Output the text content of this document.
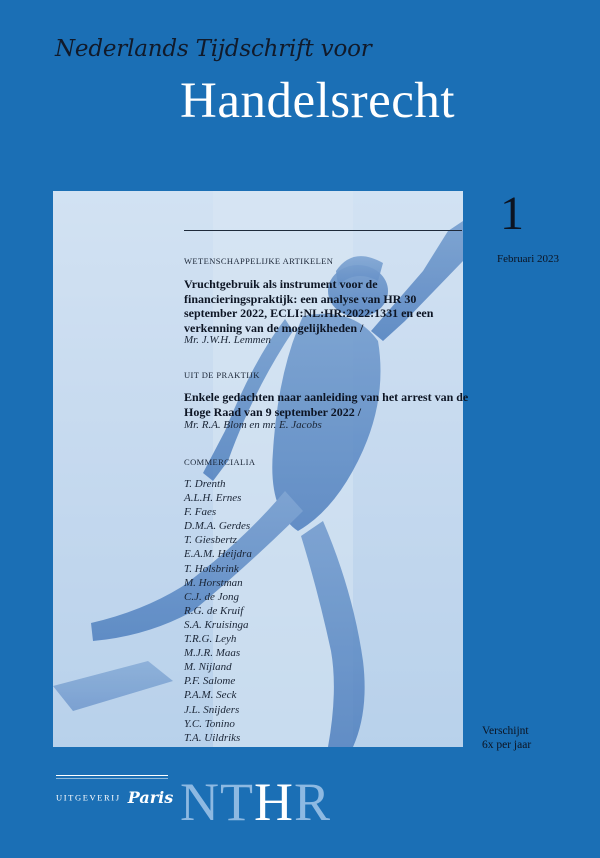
Nederlands Tijdschrift voor
Handelsrecht
WETENSCHAPPELIJKE ARTIKELEN
Vruchtgebruik als instrument voor de financieringspraktijk: een analyse van HR 30 september 2022, ECLI:NL:HR:2022:1331 en een verkenning van de mogelijkheden /
Mr. J.W.H. Lemmen
UIT DE PRAKTIJK
Enkele gedachten naar aanleiding van het arrest van de Hoge Raad van 9 september 2022 /
Mr. R.A. Blom en mr. E. Jacobs
COMMERCIALIA
T. Drenth
A.L.H. Ernes
F. Faes
D.M.A. Gerdes
T. Giesbertz
E.A.M. Heijdra
T. Holsbrink
M. Horstman
C.J. de Jong
R.G. de Kruif
S.A. Kruisinga
T.R.G. Leyh
M.J.R. Maas
M. Nijland
P.F. Salome
P.A.M. Seck
J.L. Snijders
Y.C. Tonino
T.A. Uildriks
1
Februari 2023
Verschijnt
6x per jaar
UITGEVERIJ Paris NTHR
